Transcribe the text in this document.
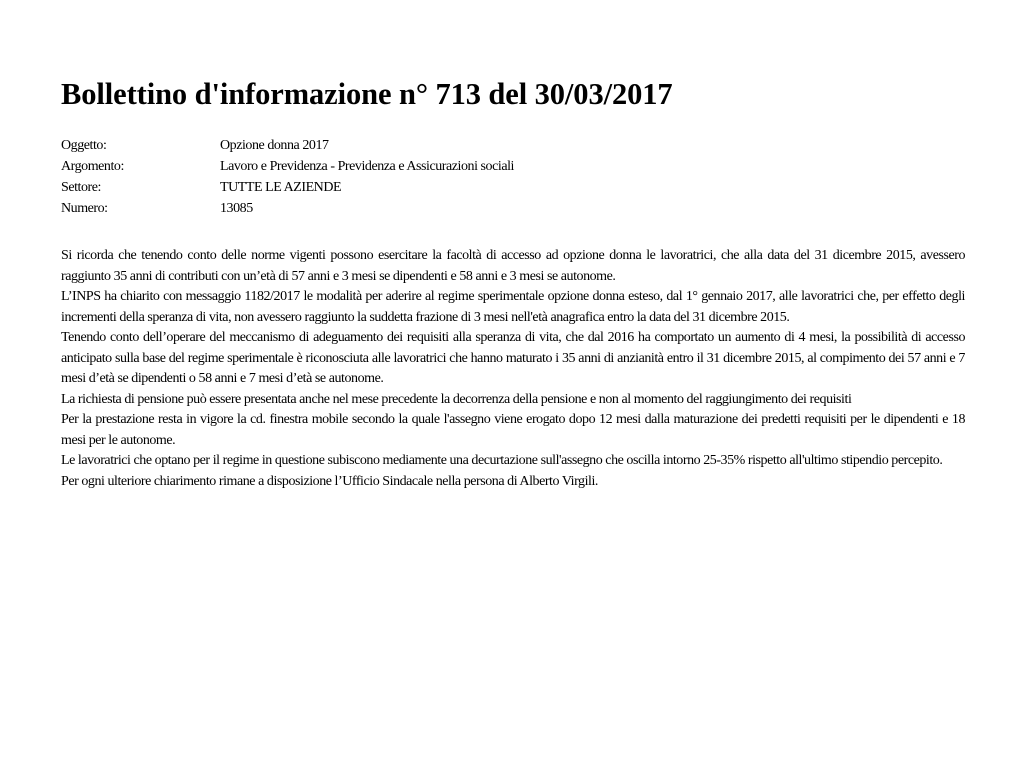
Bollettino d'informazione n° 713 del 30/03/2017
Oggetto:	Opzione donna 2017
Argomento:	Lavoro e Previdenza - Previdenza e Assicurazioni sociali
Settore:	TUTTE LE AZIENDE
Numero:	13085

Si ricorda che tenendo conto delle norme vigenti possono esercitare la facoltà di accesso ad opzione donna le lavoratrici, che alla data del 31 dicembre 2015, avessero raggiunto 35 anni di contributi con un’età di 57 anni e 3 mesi se dipendenti e 58 anni e 3 mesi se autonome.

L’INPS ha chiarito con messaggio 1182/2017 le modalità per aderire al regime sperimentale opzione donna esteso, dal 1° gennaio 2017, alle lavoratrici che, per effetto degli incrementi della speranza di vita, non avessero raggiunto la suddetta frazione di 3 mesi nell'età anagrafica entro la data del 31 dicembre 2015.

Tenendo conto dell’operare del meccanismo di adeguamento dei requisiti alla speranza di vita, che dal 2016 ha comportato un aumento di 4 mesi, la possibilità di accesso anticipato sulla base del regime sperimentale è riconosciuta alle lavoratrici che hanno maturato i 35 anni di anzianità entro il 31 dicembre 2015, al compimento dei 57 anni e 7 mesi d’età se dipendenti o 58 anni e 7 mesi d’età se autonome.

La richiesta di pensione può essere presentata anche nel mese precedente la decorrenza della pensione e non al momento del raggiungimento dei requisiti

Per la prestazione resta in vigore la cd. finestra mobile secondo la quale l'assegno viene erogato dopo 12 mesi dalla maturazione dei predetti requisiti per le dipendenti e 18 mesi per le autonome.

Le lavoratrici che optano per il regime in questione subiscono mediamente una decurtazione sull'assegno che oscilla intorno 25-35% rispetto all'ultimo stipendio percepito.

Per ogni ulteriore chiarimento rimane a disposizione l’Ufficio Sindacale nella persona di Alberto Virgili.
